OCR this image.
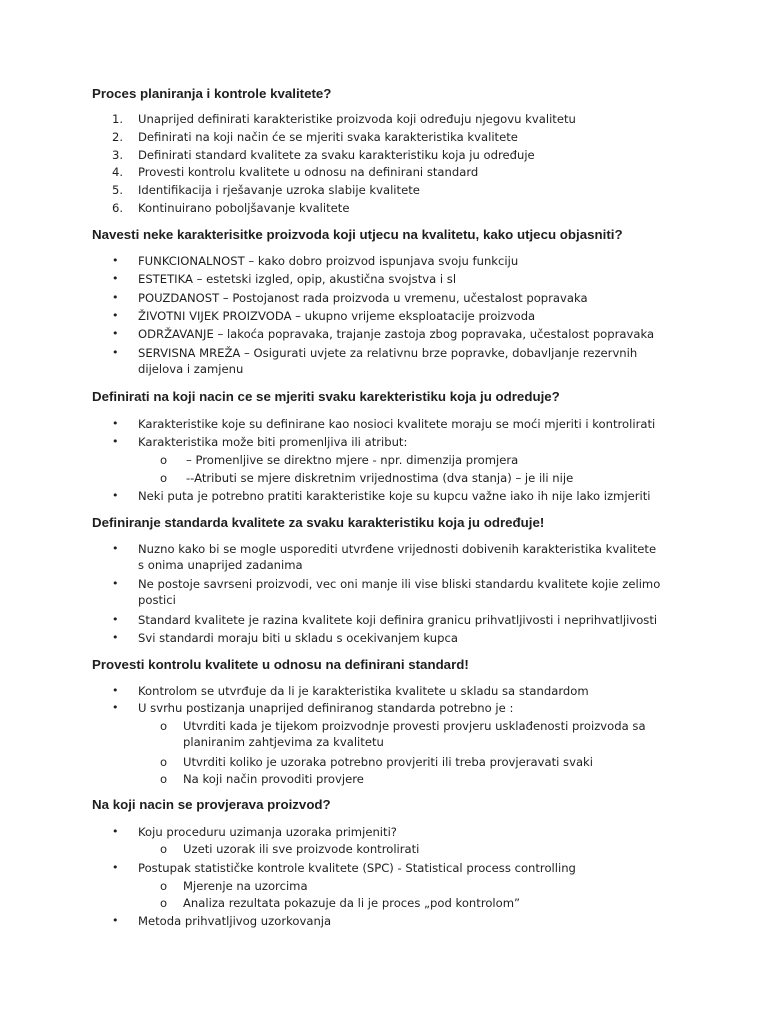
Proces planiranja i kontrole kvalitete?
1. Unaprijed definirati karakteristike proizvoda koji određuju njegovu kvalitetu
2. Definirati na koji način će se mjeriti svaka karakteristika kvalitete
3. Definirati standard kvalitete za svaku karakteristiku koja ju određuje
4. Provesti kontrolu kvalitete u odnosu na definirani standard
5. Identifikacija i rješavanje uzroka slabije kvalitete
6. Kontinuirano poboljšavanje kvalitete
Navesti neke karakterisitke proizvoda koji utjecu na kvalitetu, kako utjecu objasniti?
• FUNKCIONALNOST – kako dobro proizvod ispunjava svoju funkciju
• ESTETIKA – estetski izgled, opip, akustična svojstva i sl
• POUZDANOST – Postojanost rada proizvoda u vremenu, učestalost popravaka
• ŽIVOTNI VIJEK PROIZVODA – ukupno vrijeme eksploatacije proizvoda
• ODRŽAVANJE – lakoća popravaka, trajanje zastoja zbog popravaka, učestalost popravaka
• SERVISNA MREŽA – Osigurati uvjete za relativnu brze popravke, dobavljanje rezervnih dijelova i zamjenu
Definirati na koji nacin ce se mjeriti svaku karekteristiku koja ju odreduje?
• Karakteristike koje su definirane kao nosioci kvalitete moraju se moći mjeriti i kontrolirati
• Karakteristika može biti promenljiva ili atribut:
o – Promenljive se direktno mjere - npr. dimenzija promjera
o --Atributi se mjere diskretnim vrijednostima (dva stanja) – je ili nije
• Neki puta je potrebno pratiti karakteristike koje su kupcu važne iako ih nije lako izmjeriti
Definiranje standarda kvalitete za svaku karakteristiku koja ju određuje!
• Nuzno kako bi se mogle usporediti utvrđene vrijednosti dobivenih karakteristika kvalitete s onima unaprijed zadanima
• Ne postoje savrseni proizvodi, vec oni manje ili vise bliski standardu kvalitete kojie zelimo postici
• Standard kvalitete je razina kvalitete koji definira granicu prihvatljivosti i neprihvatljivosti
• Svi standardi moraju biti u skladu s ocekivanjem kupca
Provesti kontrolu kvalitete u odnosu na definirani standard!
• Kontrolom se utvrđuje da li je karakteristika kvalitete u skladu sa standardom
• U svrhu postizanja unaprijed definiranog standarda potrebno je :
o Utvrditi kada je tijekom proizvodnje provesti provjeru usklađenosti proizvoda sa planiranim zahtjevima za kvalitetu
o Utvrditi koliko je uzoraka potrebno provjeriti ili treba provjeravati svaki
o Na koji način provoditi provjere
Na koji nacin se provjerava proizvod?
• Koju proceduru uzimanja uzoraka primjeniti?
o Uzeti uzorak ili sve proizvode kontrolirati
• Postupak statističke kontrole kvalitete (SPC) - Statistical process controlling
o Mjerenje na uzorcima
o Analiza rezultata pokazuje da li je proces „pod kontrolom”
• Metoda prihvatljivog uzorkovanja
